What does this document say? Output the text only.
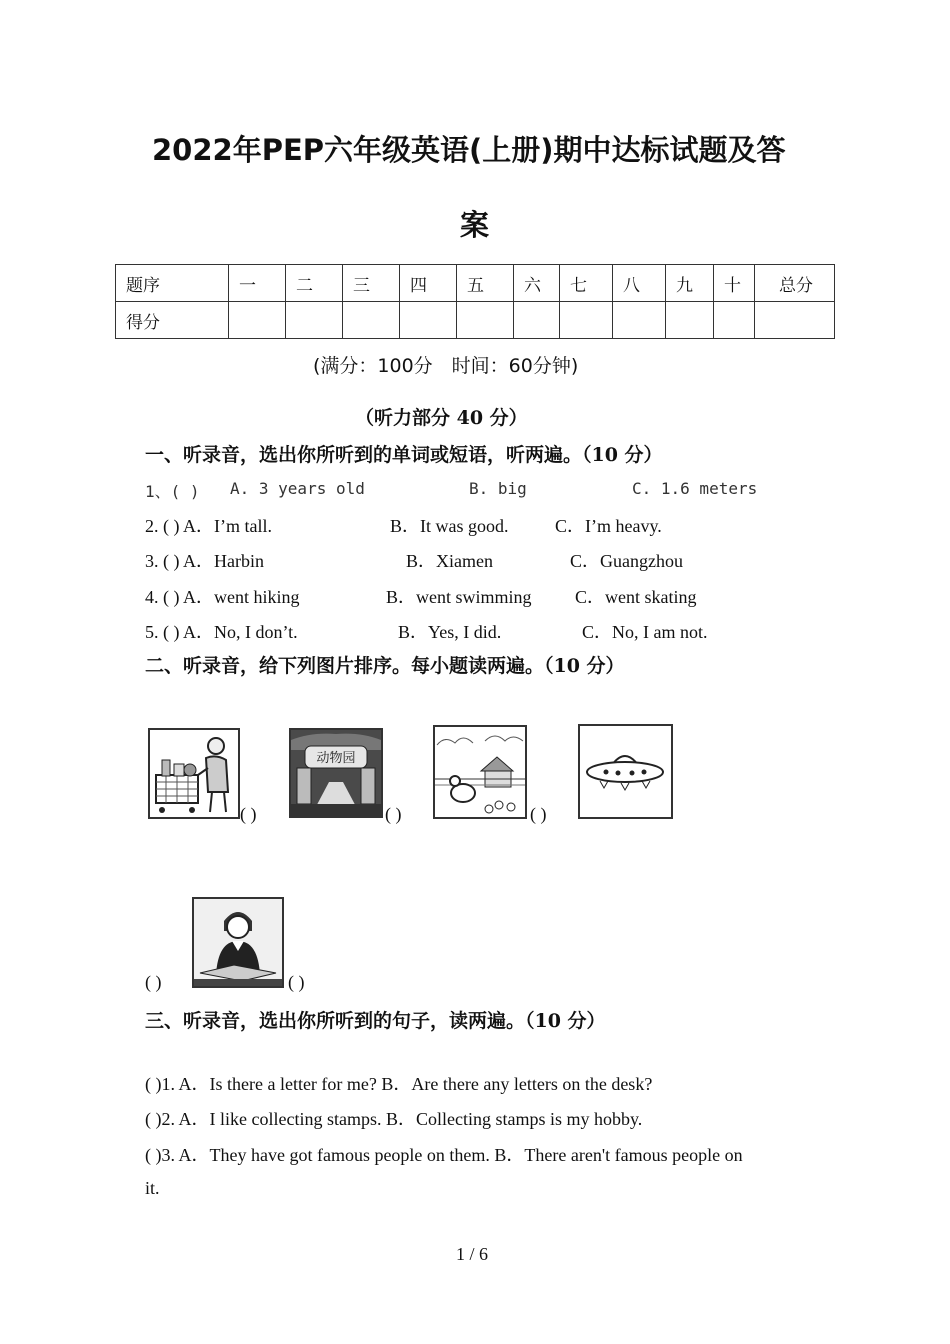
2022年PEP六年级英语(上册)期中达标试题及答
案
题序	一	二	三	四	五	六	七	八	九	十	总分
得分											
(满分：100分　时间：60分钟)
（听力部分 40 分）
一、听录音，选出你所听到的单词或短语，听两遍。（10 分）
1、( ) A. 3 years old	B. big	C. 1.6 meters
2. ( ) A．I’m tall.	B．It was good.	C．I’m heavy.
3. ( ) A．Harbin	B．Xiamen	C．Guangzhou
4. ( ) A．went hiking	B．went swimming C．went skating
5. ( ) A．No, I don’t.	B．Yes, I did.	C．No, I am not.
二、听录音，给下列图片排序。每小题读两遍。（10 分）
( )
动物园
( )	( )
( )	( )
三、听录音，选出你所听到的句子，读两遍。（10 分）
( )1. A．Is there a letter for me? B．Are there any letters on the desk?
( )2. A．I like collecting stamps. B．Collecting stamps is my hobby.
( )3. A．They have got famous people on them. B．There aren't famous people on
it.
1 / 6
